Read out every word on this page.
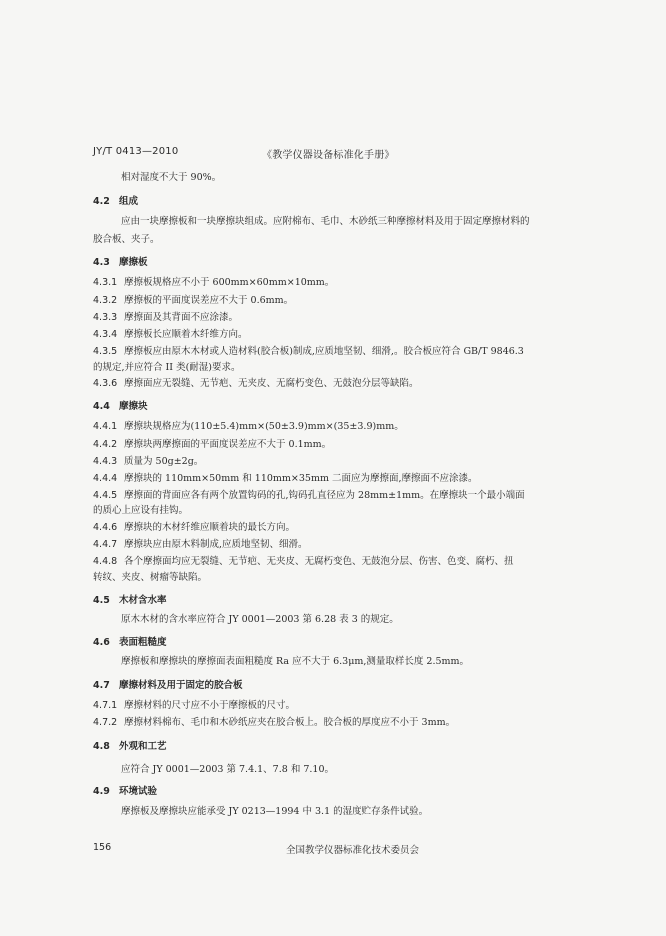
JY/T 0413—2010	《教学仪器设备标准化手册》
相对湿度不大于 90%。
4.2 组成
应由一块摩擦板和一块摩擦块组成。应附棉布、毛巾、木砂纸三种摩擦材料及用于固定摩擦材料的
胶合板、夹子。
4.3 摩擦板
4.3.1 摩擦板规格应不小于 600mm×60mm×10mm。
4.3.2 摩擦板的平面度误差应不大于 0.6mm。
4.3.3 摩擦面及其背面不应涂漆。
4.3.4 摩擦板长应顺着木纤维方向。
4.3.5 摩擦板应由原木木材或人造材料(胶合板)制成,应质地坚韧、细滑,。胶合板应符合 GB/T 9846.3
的规定,并应符合 II 类(耐湿)要求。
4.3.6 摩擦面应无裂缝、无节疤、无夹皮、无腐朽变色、无鼓泡分层等缺陷。
4.4 摩擦块
4.4.1 摩擦块规格应为(110±5.4)mm×(50±3.9)mm×(35±3.9)mm。
4.4.2 摩擦块两摩擦面的平面度误差应不大于 0.1mm。
4.4.3 质量为 50g±2g。
4.4.4 摩擦块的 110mm×50mm 和 110mm×35mm 二面应为摩擦面,摩擦面不应涂漆。
4.4.5 摩擦面的背面应各有两个放置钩码的孔,钩码孔直径应为 28mm±1mm。在摩擦块一个最小端面
的质心上应设有挂钩。
4.4.6 摩擦块的木材纤维应顺着块的最长方向。
4.4.7 摩擦块应由原木料制成,应质地坚韧、细滑。
4.4.8 各个摩擦面均应无裂缝、无节疤、无夹皮、无腐朽变色、无鼓泡分层、伤害、色变、腐朽、扭
转纹、夹皮、树瘤等缺陷。
4.5 木材含水率
原木木材的含水率应符合 JY 0001—2003 第 6.28 表 3 的规定。
4.6 表面粗糙度
摩擦板和摩擦块的摩擦面表面粗糙度 Ra 应不大于 6.3μm,测量取样长度 2.5mm。
4.7 摩擦材料及用于固定的胶合板
4.7.1 摩擦材料的尺寸应不小于摩擦板的尺寸。
4.7.2 摩擦材料棉布、毛巾和木砂纸应夹在胶合板上。胶合板的厚度应不小于 3mm。
4.8 外观和工艺
应符合 JY 0001—2003 第 7.4.1、7.8 和 7.10。
4.9 环境试验
摩擦板及摩擦块应能承受 JY 0213—1994 中 3.1 的湿度贮存条件试验。
156	全国教学仪器标准化技术委员会
